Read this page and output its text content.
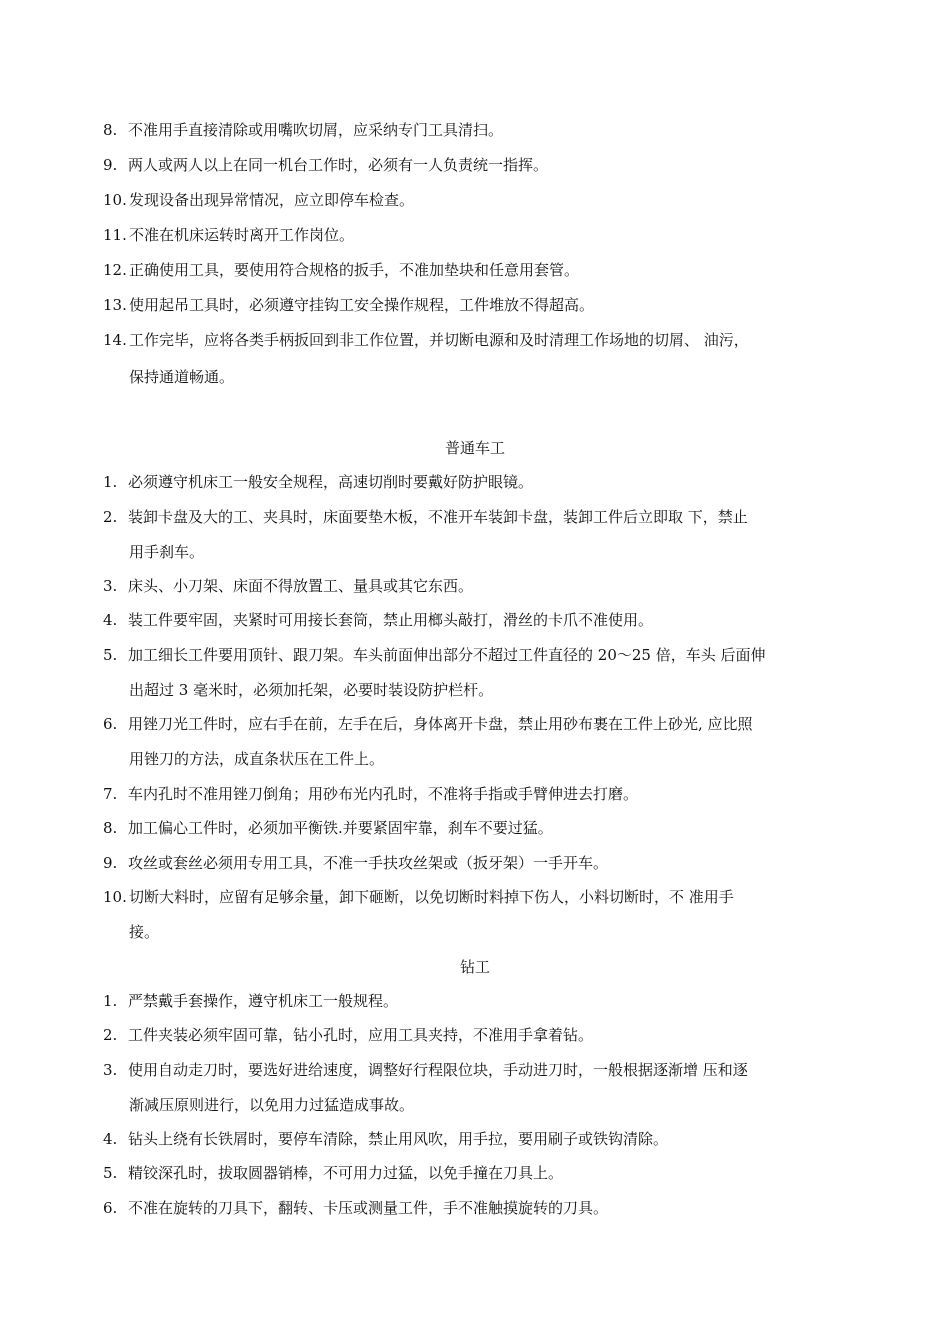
8. 不准用手直接清除或用嘴吹切屑，应采纳专门工具清扫。
9. 两人或两人以上在同一机台工作时，必须有一人负责统一指挥。
10. 发现设备出现异常情况，应立即停车检查。
11. 不准在机床运转时离开工作岗位。
12. 正确使用工具，要使用符合规格的扳手，不准加垫块和任意用套管。
13. 使用起吊工具时，必须遵守挂钩工安全操作规程，工件堆放不得超高。
14. 工作完毕，应将各类手柄扳回到非工作位置，并切断电源和及时清理工作场地的切屑、 油污，
保持通道畅通。
普通车工
1. 必须遵守机床工一般安全规程，高速切削时要戴好防护眼镜。
2. 装卸卡盘及大的工、夹具时，床面要垫木板，不准开车装卸卡盘，装卸工件后立即取 下，禁止
用手刹车。
3. 床头、小刀架、床面不得放置工、量具或其它东西。
4. 装工件要牢固，夹紧时可用接长套筒，禁止用榔头敲打，滑丝的卡爪不准使用。
5. 加工细长工件要用顶针、跟刀架。车头前面伸出部分不超过工件直径的 20〜25 倍，车头 后面伸
出超过 3 毫米时，必须加托架，必要时装设防护栏杆。
6. 用锉刀光工件时，应右手在前，左手在后，身体离开卡盘，禁止用砂布裹在工件上砂光, 应比照
用锉刀的方法，成直条状压在工件上。
7. 车内孔时不准用锉刀倒角；用砂布光内孔时，不准将手指或手臂伸进去打磨。
8. 加工偏心工件时，必须加平衡铁.并要紧固牢靠，刹车不要过猛。
9. 攻丝或套丝必须用专用工具，不准一手扶攻丝架或（扳牙架）一手开车。
10. 切断大料时，应留有足够余量，卸下砸断，以免切断时料掉下伤人，小料切断时，不 准用手
接。
钻工
1. 严禁戴手套操作，遵守机床工一般规程。
2. 工件夹装必须牢固可靠，钻小孔时，应用工具夹持，不准用手拿着钻。
3. 使用自动走刀时，要选好进给速度，调整好行程限位块，手动进刀时，一般根据逐渐增 压和逐
渐减压原则进行，以免用力过猛造成事故。
4. 钻头上绕有长铁屑时，要停车清除，禁止用风吹，用手拉，要用刷子或铁钩清除。
5. 精铰深孔时，拔取圆器销棒，不可用力过猛，以免手撞在刀具上。
6. 不准在旋转的刀具下，翻转、卡压或测量工件，手不准触摸旋转的刀具。
